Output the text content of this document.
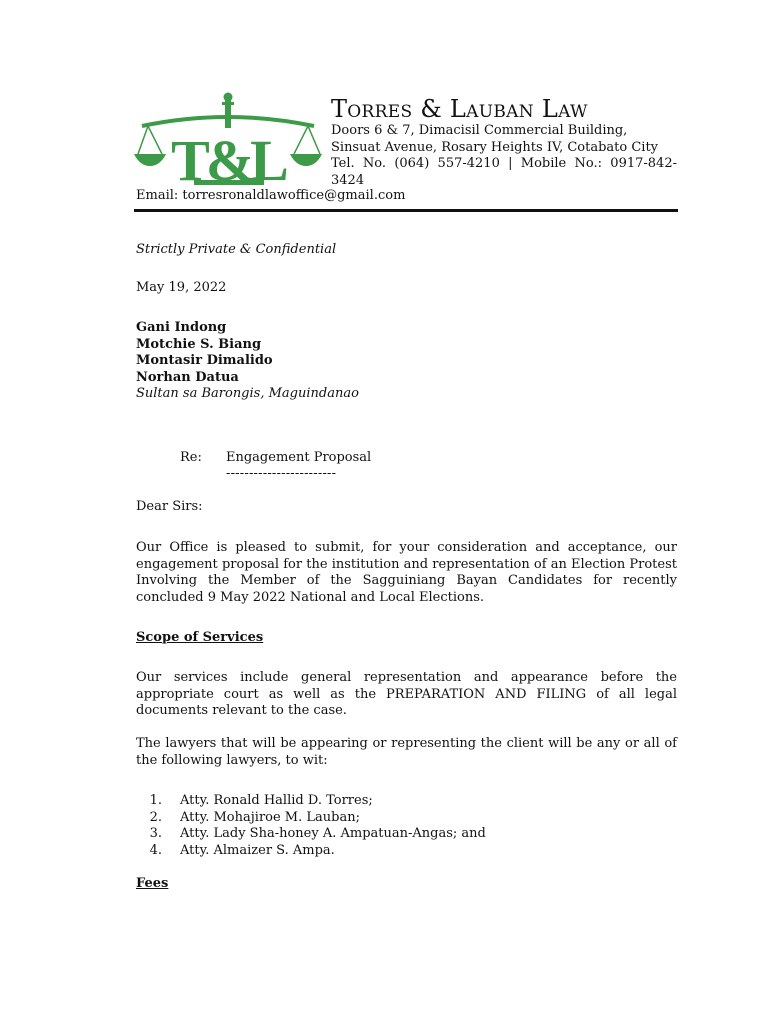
T&L
Torres & Lauban Law
Doors 6 & 7, Dimacisil Commercial Building,
Sinsuat Avenue, Rosary Heights IV, Cotabato City
Tel. No. (064) 557-4210 | Mobile No.: 0917-842-3424
Email: torresronaldlawoffice@gmail.com
Strictly Private & Confidential
May 19, 2022
Gani Indong
Motchie S. Biang
Montasir Dimalido
Norhan Datua
Sultan sa Barongis, Maguindanao
Re: Engagement Proposal
------------------------
Dear Sirs:

Our Office is pleased to submit, for your consideration and acceptance, our engagement proposal for the institution and representation of an Election Protest Involving the Member of the Sagguiniang Bayan Candidates for recently concluded 9 May 2022 National and Local Elections.

Scope of Services

Our services include general representation and appearance before the appropriate court as well as the PREPARATION AND FILING of all legal documents relevant to the case.

The lawyers that will be appearing or representing the client will be any or all of the following lawyers, to wit:

1. Atty. Ronald Hallid D. Torres;
2. Atty. Mohajiroe M. Lauban;
3. Atty. Lady Sha-honey A. Ampatuan-Angas; and
4. Atty. Almaizer S. Ampa.
Fees
